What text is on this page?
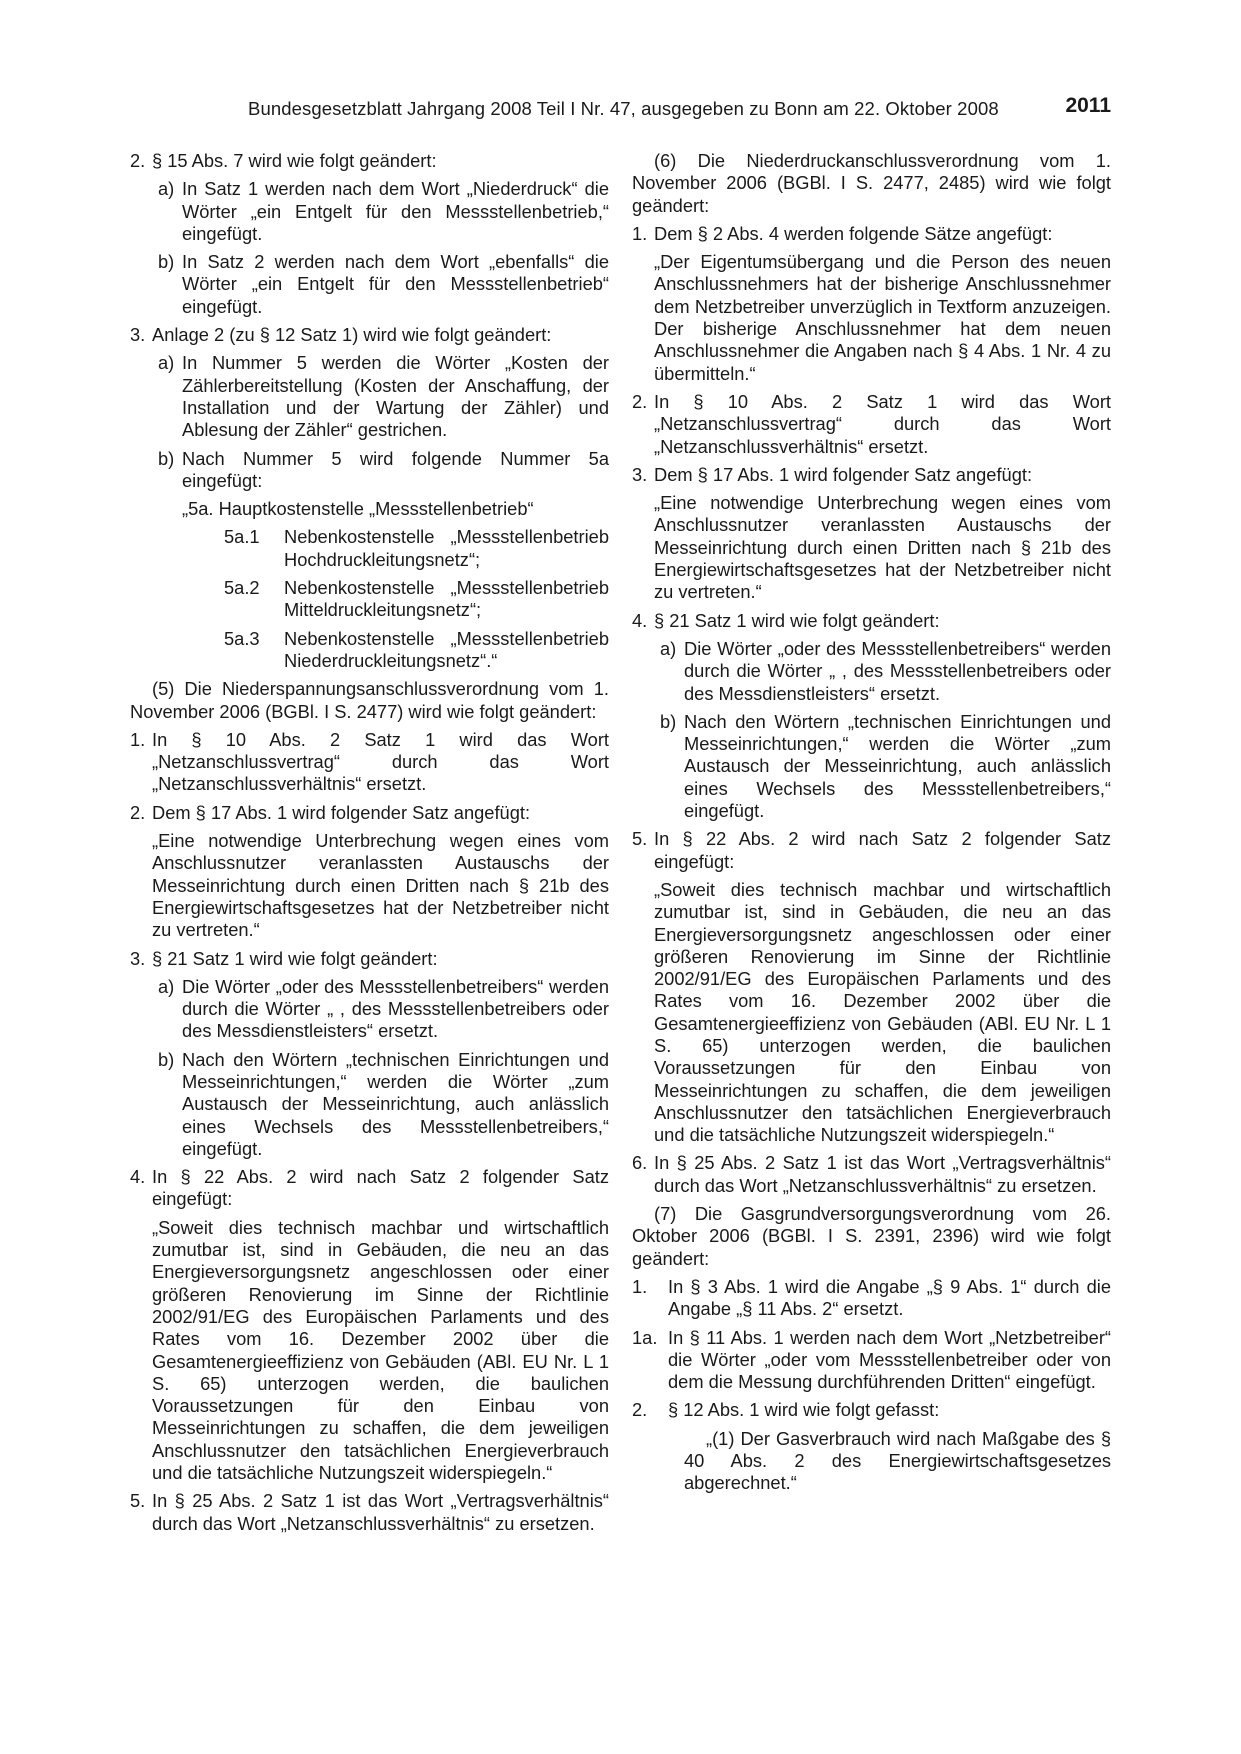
Bundesgesetzblatt Jahrgang 2008 Teil I Nr. 47, ausgegeben zu Bonn am 22. Oktober 2008	2011
2. § 15 Abs. 7 wird wie folgt geändert:
a) In Satz 1 werden nach dem Wort „Niederdruck“ die Wörter „ein Entgelt für den Messstellenbetrieb,“ eingefügt.
b) In Satz 2 werden nach dem Wort „ebenfalls“ die Wörter „ein Entgelt für den Messstellenbetrieb“ eingefügt.
3. Anlage 2 (zu § 12 Satz 1) wird wie folgt geändert:
a) In Nummer 5 werden die Wörter „Kosten der Zählerbereitstellung (Kosten der Anschaffung, der Installation und der Wartung der Zähler) und Ablesung der Zähler“ gestrichen.
b) Nach Nummer 5 wird folgende Nummer 5a eingefügt:
„5a. Hauptkostenstelle „Messstellenbetrieb“
5a.1 Nebenkostenstelle „Messstellenbetrieb Hochdruckleitungsnetz“;
5a.2 Nebenkostenstelle „Messstellenbetrieb Mitteldruckleitungsnetz“;
5a.3 Nebenkostenstelle „Messstellenbetrieb Niederdruckleitungsnetz“.“

(5) Die Niederspannungsanschlussverordnung vom 1. November 2006 (BGBl. I S. 2477) wird wie folgt geändert:

1. In § 10 Abs. 2 Satz 1 wird das Wort „Netzanschlussvertrag“ durch das Wort „Netzanschlussverhältnis“ ersetzt.
2. Dem § 17 Abs. 1 wird folgender Satz angefügt:
„Eine notwendige Unterbrechung wegen eines vom Anschlussnutzer veranlassten Austauschs der Messeinrichtung durch einen Dritten nach § 21b des Energiewirtschaftsgesetzes hat der Netzbetreiber nicht zu vertreten.“
3. § 21 Satz 1 wird wie folgt geändert:
a) Die Wörter „oder des Messstellenbetreibers“ werden durch die Wörter „ , des Messstellenbetreibers oder des Messdienstleisters“ ersetzt.
b) Nach den Wörtern „technischen Einrichtungen und Messeinrichtungen,“ werden die Wörter „zum Austausch der Messeinrichtung, auch anlässlich eines Wechsels des Messstellenbetreibers,“ eingefügt.
4. In § 22 Abs. 2 wird nach Satz 2 folgender Satz eingefügt:
„Soweit dies technisch machbar und wirtschaftlich zumutbar ist, sind in Gebäuden, die neu an das Energieversorgungsnetz angeschlossen oder einer größeren Renovierung im Sinne der Richtlinie 2002/91/EG des Europäischen Parlaments und des Rates vom 16. Dezember 2002 über die Gesamtenergieeffizienz von Gebäuden (ABl. EU Nr. L 1 S. 65) unterzogen werden, die baulichen Voraussetzungen für den Einbau von Messeinrichtungen zu schaffen, die dem jeweiligen Anschlussnutzer den tatsächlichen Energieverbrauch und die tatsächliche Nutzungszeit widerspiegeln.“
5. In § 25 Abs. 2 Satz 1 ist das Wort „Vertragsverhältnis“ durch das Wort „Netzanschlussverhältnis“ zu ersetzen.

(6) Die Niederdruckanschlussverordnung vom 1. November 2006 (BGBl. I S. 2477, 2485) wird wie folgt geändert:

1. Dem § 2 Abs. 4 werden folgende Sätze angefügt:
„Der Eigentumsübergang und die Person des neuen Anschlussnehmers hat der bisherige Anschlussnehmer dem Netzbetreiber unverzüglich in Textform anzuzeigen. Der bisherige Anschlussnehmer hat dem neuen Anschlussnehmer die Angaben nach § 4 Abs. 1 Nr. 4 zu übermitteln.“
2. In § 10 Abs. 2 Satz 1 wird das Wort „Netzanschlussvertrag“ durch das Wort „Netzanschlussverhältnis“ ersetzt.
3. Dem § 17 Abs. 1 wird folgender Satz angefügt:
„Eine notwendige Unterbrechung wegen eines vom Anschlussnutzer veranlassten Austauschs der Messeinrichtung durch einen Dritten nach § 21b des Energiewirtschaftsgesetzes hat der Netzbetreiber nicht zu vertreten.“
4. § 21 Satz 1 wird wie folgt geändert:
a) Die Wörter „oder des Messstellenbetreibers“ werden durch die Wörter „ , des Messstellenbetreibers oder des Messdienstleisters“ ersetzt.
b) Nach den Wörtern „technischen Einrichtungen und Messeinrichtungen,“ werden die Wörter „zum Austausch der Messeinrichtung, auch anlässlich eines Wechsels des Messstellenbetreibers,“ eingefügt.
5. In § 22 Abs. 2 wird nach Satz 2 folgender Satz eingefügt:
„Soweit dies technisch machbar und wirtschaftlich zumutbar ist, sind in Gebäuden, die neu an das Energieversorgungsnetz angeschlossen oder einer größeren Renovierung im Sinne der Richtlinie 2002/91/EG des Europäischen Parlaments und des Rates vom 16. Dezember 2002 über die Gesamtenergieeffizienz von Gebäuden (ABl. EU Nr. L 1 S. 65) unterzogen werden, die baulichen Voraussetzungen für den Einbau von Messeinrichtungen zu schaffen, die dem jeweiligen Anschlussnutzer den tatsächlichen Energieverbrauch und die tatsächliche Nutzungszeit widerspiegeln.“
6. In § 25 Abs. 2 Satz 1 ist das Wort „Vertragsverhältnis“ durch das Wort „Netzanschlussverhältnis“ zu ersetzen.

(7) Die Gasgrundversorgungsverordnung vom 26. Oktober 2006 (BGBl. I S. 2391, 2396) wird wie folgt geändert:

1. In § 3 Abs. 1 wird die Angabe „§ 9 Abs. 1“ durch die Angabe „§ 11 Abs. 2“ ersetzt.
1a. In § 11 Abs. 1 werden nach dem Wort „Netzbetreiber“ die Wörter „oder vom Messstellenbetreiber oder von dem die Messung durchführenden Dritten“ eingefügt.
2. § 12 Abs. 1 wird wie folgt gefasst:
„(1) Der Gasverbrauch wird nach Maßgabe des § 40 Abs. 2 des Energiewirtschaftsgesetzes abgerechnet.“
